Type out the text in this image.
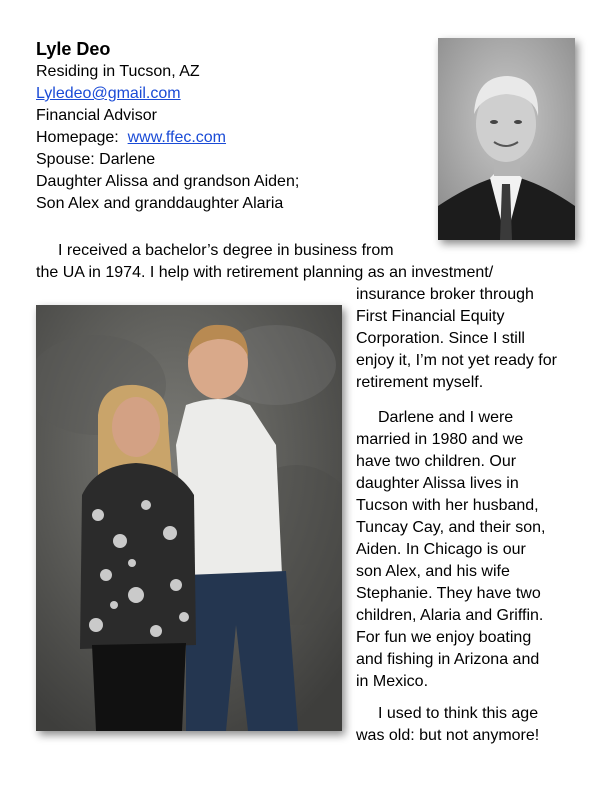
Lyle Deo
Residing in Tucson, AZ
Lyledeo@gmail.com
Financial Advisor
Homepage: www.ffec.com
Spouse: Darlene
Daughter Alissa and grandson Aiden;
Son Alex and granddaughter Alaria
I received a bachelor’s degree in business from
the UA in 1974. I help with retirement planning as an investment/
insurance broker through
First Financial Equity
Corporation. Since I still
enjoy it, I’m not yet ready for
retirement myself.
Darlene and I were
married in 1980 and we
have two children. Our
daughter Alissa lives in
Tucson with her husband,
Tuncay Cay, and their son,
Aiden. In Chicago is our
son Alex, and his wife
Stephanie. They have two
children, Alaria and Griffin.
For fun we enjoy boating
and fishing in Arizona and
in Mexico.
I used to think this age
was old: but not anymore!
